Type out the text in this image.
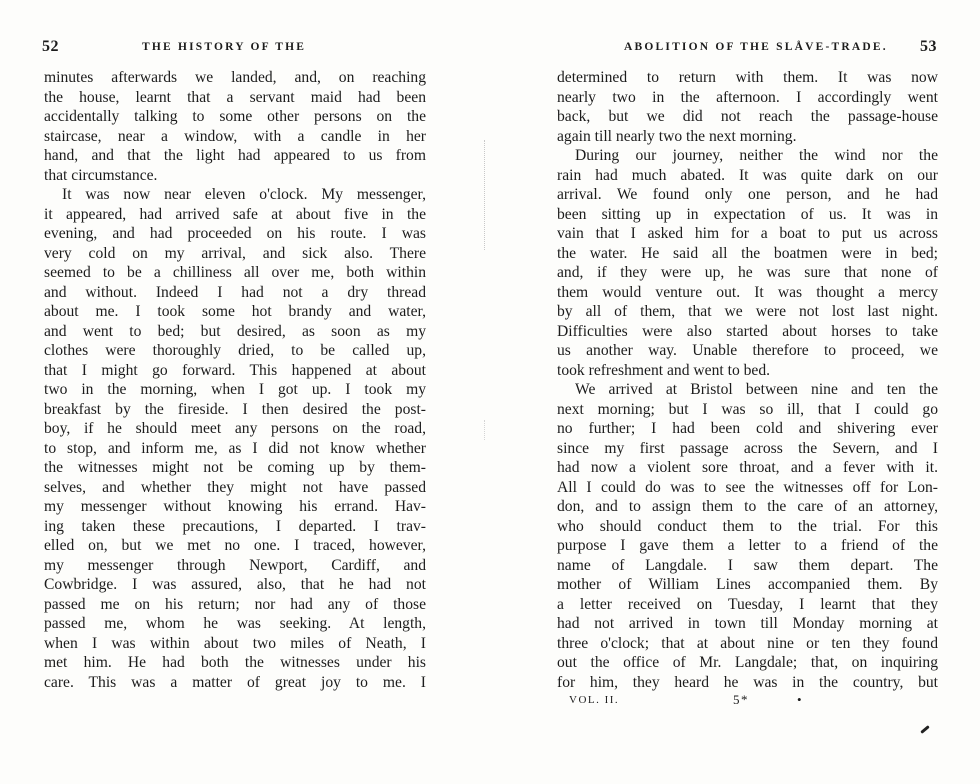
52	THE HISTORY OF THE
minutes afterwards we landed, and, on reaching
the house, learnt that a servant maid had been
accidentally talking to some other persons on the
staircase, near a window, with a candle in her
hand, and that the light had appeared to us from
that circumstance.
It was now near eleven o'clock. My messenger,
it appeared, had arrived safe at about five in the
evening, and had proceeded on his route. I was
very cold on my arrival, and sick also. There
seemed to be a chilliness all over me, both within
and without. Indeed I had not a dry thread
about me. I took some hot brandy and water,
and went to bed; but desired, as soon as my
clothes were thoroughly dried, to be called up,
that I might go forward. This happened at about
two in the morning, when I got up. I took my
breakfast by the fireside. I then desired the post-
boy, if he should meet any persons on the road,
to stop, and inform me, as I did not know whether
the witnesses might not be coming up by them-
selves, and whether they might not have passed
my messenger without knowing his errand. Hav-
ing taken these precautions, I departed. I trav-
elled on, but we met no one. I traced, however,
my messenger through Newport, Cardiff, and
Cowbridge. I was assured, also, that he had not
passed me on his return; nor had any of those
passed me, whom he was seeking. At length,
when I was within about two miles of Neath, I
met him. He had both the witnesses under his
care. This was a matter of great joy to me. I
ABOLITION OF THE SLÅVE-TRADE. 53
determined to return with them. It was now
nearly two in the afternoon. I accordingly went
back, but we did not reach the passage-house
again till nearly two the next morning.
During our journey, neither the wind nor the
rain had much abated. It was quite dark on our
arrival. We found only one person, and he had
been sitting up in expectation of us. It was in
vain that I asked him for a boat to put us across
the water. He said all the boatmen were in bed;
and, if they were up, he was sure that none of
them would venture out. It was thought a mercy
by all of them, that we were not lost last night.
Difficulties were also started about horses to take
us another way. Unable therefore to proceed, we
took refreshment and went to bed.
We arrived at Bristol between nine and ten the
next morning; but I was so ill, that I could go
no further; I had been cold and shivering ever
since my first passage across the Severn, and I
had now a violent sore throat, and a fever with it.
All I could do was to see the witnesses off for Lon-
don, and to assign them to the care of an attorney,
who should conduct them to the trial. For this
purpose I gave them a letter to a friend of the
name of Langdale. I saw them depart. The
mother of William Lines accompanied them. By
a letter received on Tuesday, I learnt that they
had not arrived in town till Monday morning at
three o'clock; that at about nine or ten they found
out the office of Mr. Langdale; that, on inquiring
for him, they heard he was in the country, but
VOL. II.	5*	•
